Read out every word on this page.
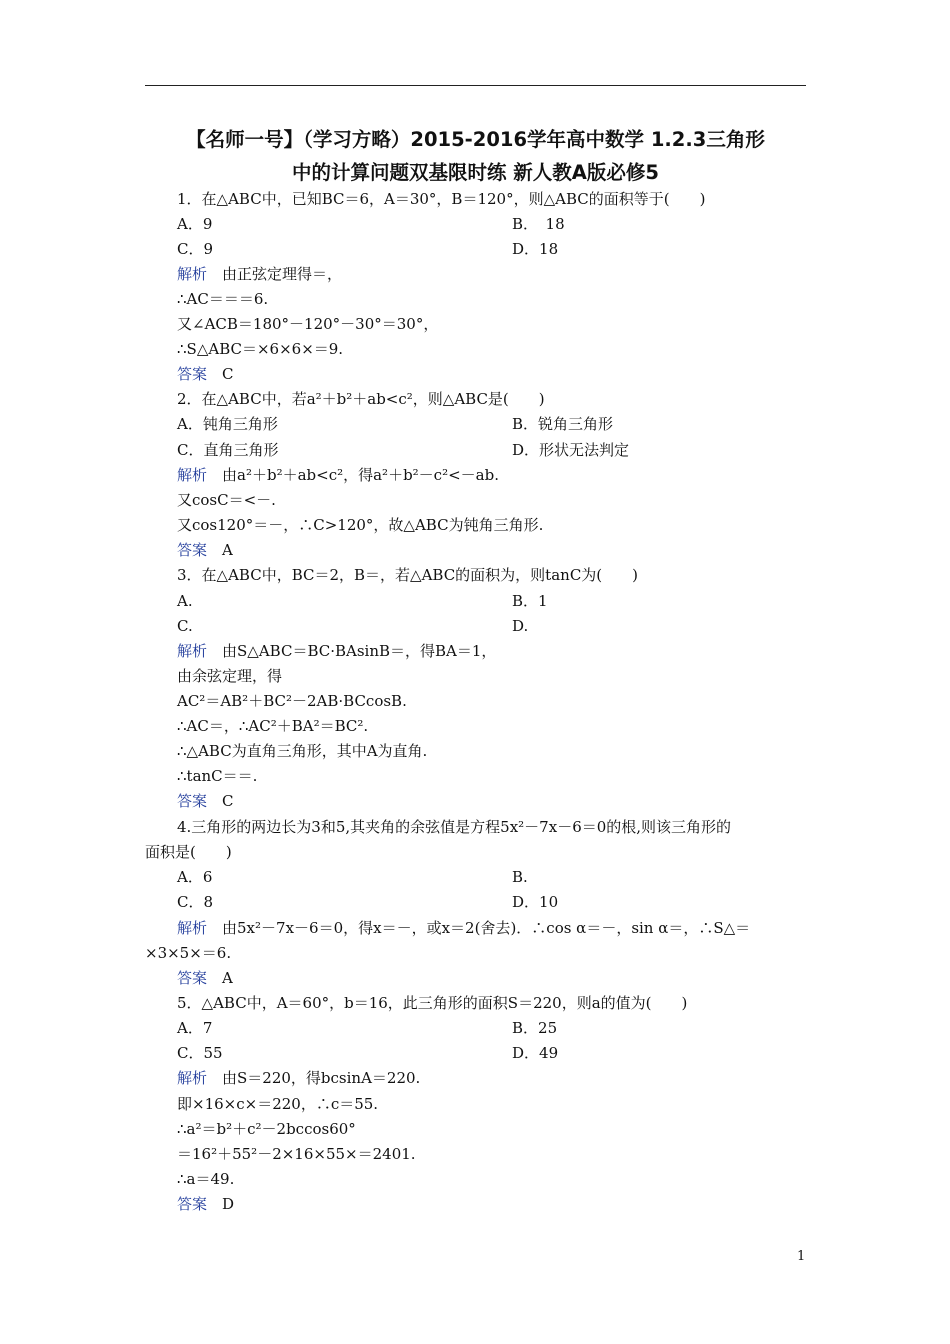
【名师一号】（学习方略）2015-2016学年高中数学 1.2.3三角形
中的计算问题双基限时练 新人教A版必修5
1．在△ABC中，已知BC＝6，A＝30°，B＝120°，则△ABC的面积等于(　　)
A．9	B．　18
C．9	D．18
解析　由正弦定理得＝，
∴AC＝＝＝6.
又∠ACB＝180°－120°－30°＝30°，
∴S△ABC＝×6×6×＝9.
答案　C
2．在△ABC中，若a²＋b²＋ab<c²，则△ABC是(　　)
A．钝角三角形	B．锐角三角形
C．直角三角形	D．形状无法判定
解析　由a²＋b²＋ab<c²，得a²＋b²－c²<－ab.
又cosC＝<－.
又cos120°＝－，∴C>120°，故△ABC为钝角三角形.
答案　A
3．在△ABC中，BC＝2，B＝，若△ABC的面积为，则tanC为(　　)
A.	B．1
C.	D.
解析　由S△ABC＝BC·BAsinB＝，得BA＝1，
由余弦定理，得
AC²＝AB²＋BC²－2AB·BCcosB.
∴AC＝，∴AC²＋BA²＝BC².
∴△ABC为直角三角形，其中A为直角.
∴tanC＝＝.
答案　C
4.三角形的两边长为3和5,其夹角的余弦值是方程5x²－7x－6＝0的根,则该三角形的
面积是(　　)
A．6	B.
C．8	D．10
解析　由5x²－7x－6＝0，得x＝－，或x＝2(舍去)．∴cos α＝－，sin α＝，∴S△＝
×3×5×＝6.
答案　A
5．△ABC中，A＝60°，b＝16，此三角形的面积S＝220，则a的值为(　　)
A．7	B．25
C．55	D．49
解析　由S＝220，得bcsinA＝220.
即×16×c×＝220，∴c＝55.
∴a²＝b²＋c²－2bccos60°
＝16²＋55²－2×16×55×＝2401.
∴a＝49.
答案　D
1
